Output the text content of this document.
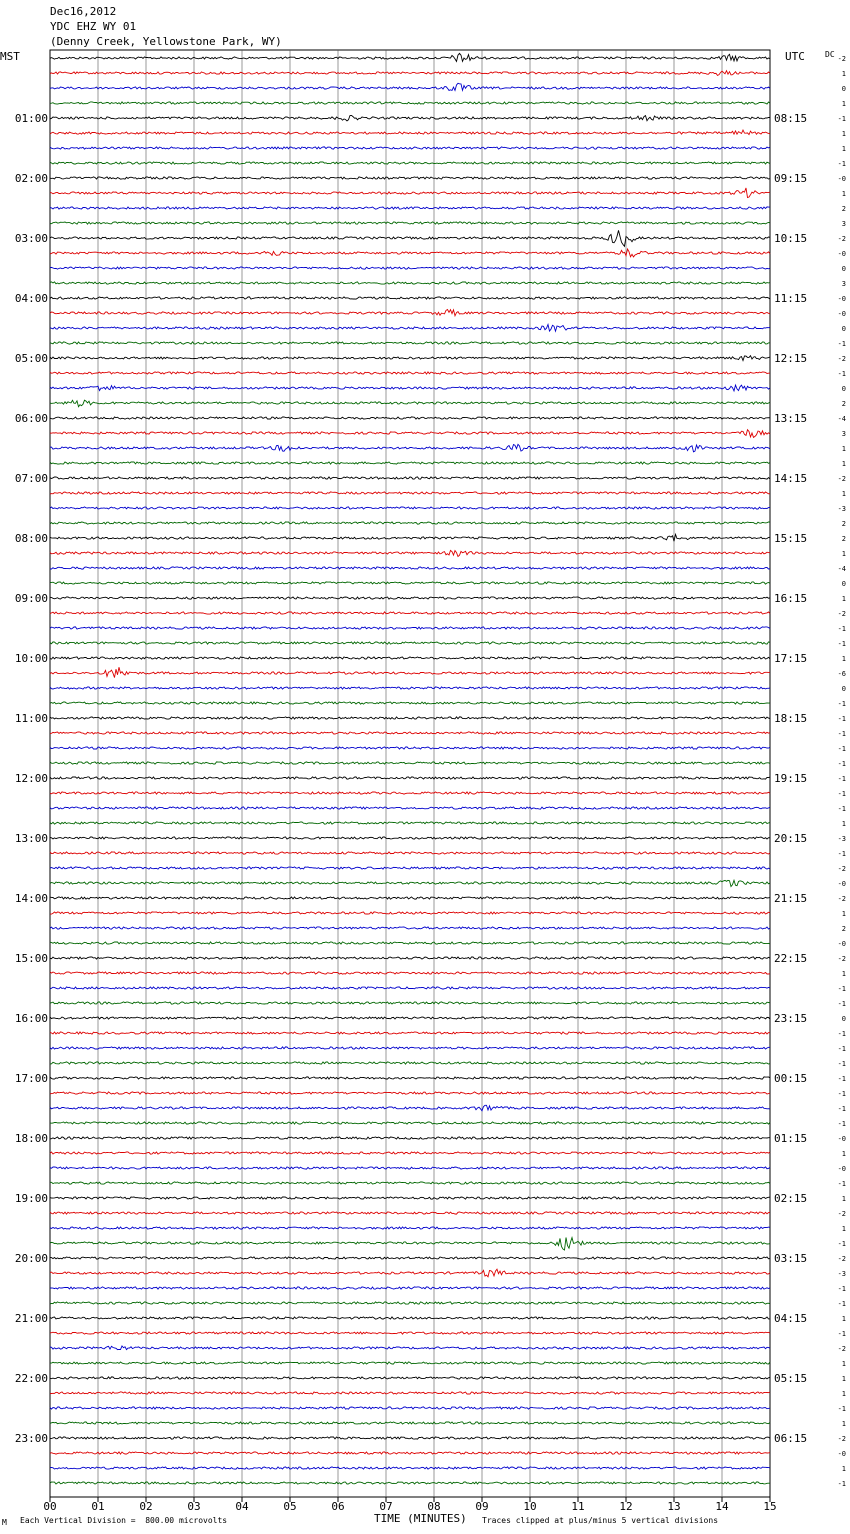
Dec16,2012
YDC EHZ WY 01
(Denny Creek, Yellowstone Park, WY)
MST	UTC	DC -2
1
0
1
-1
1
1
-1
-0
1
2
3
-2
-0
0
3
-0
-0
0
-1
-2
-1
0
2
-4
3
1
1
-2
1
-3
2
2
1
-4
0
1
-2
-1
-1
1
-6
0
-1
-1
-1
-1
-1
-1
-1
-1
1
-3
-1
-2
-0
-2
1
2
-0
-2
1
-1
-1
0
-1
-1
-1
-1
-1
-1
-1
-0
1
-0
-1
1
-2
1
-1
-2
-3
-1
-1
1
-1
-2
1
1
1
-1
1
-2
-0
1
-1
01:00	08:15
02:00	09:15
03:00	10:15
04:00	11:15
05:00	12:15
06:00	13:15
07:00	14:15
08:00	15:15
09:00	16:15
10:00	17:15
11:00	18:15
12:00	19:15
13:00	20:15
14:00	21:15
15:00	22:15
16:00	23:15
17:00	00:15
18:00	01:15
19:00	02:15
20:00	03:15
21:00	04:15
22:00	05:15
23:00	06:15
00	01	02	03	04	05	06	07	08	09	10	11	12	13	14	15
M Each Vertical Division =  800.00 microvolts	TIME (MINUTES) Traces clipped at plus/minus 5 vertical divisions
